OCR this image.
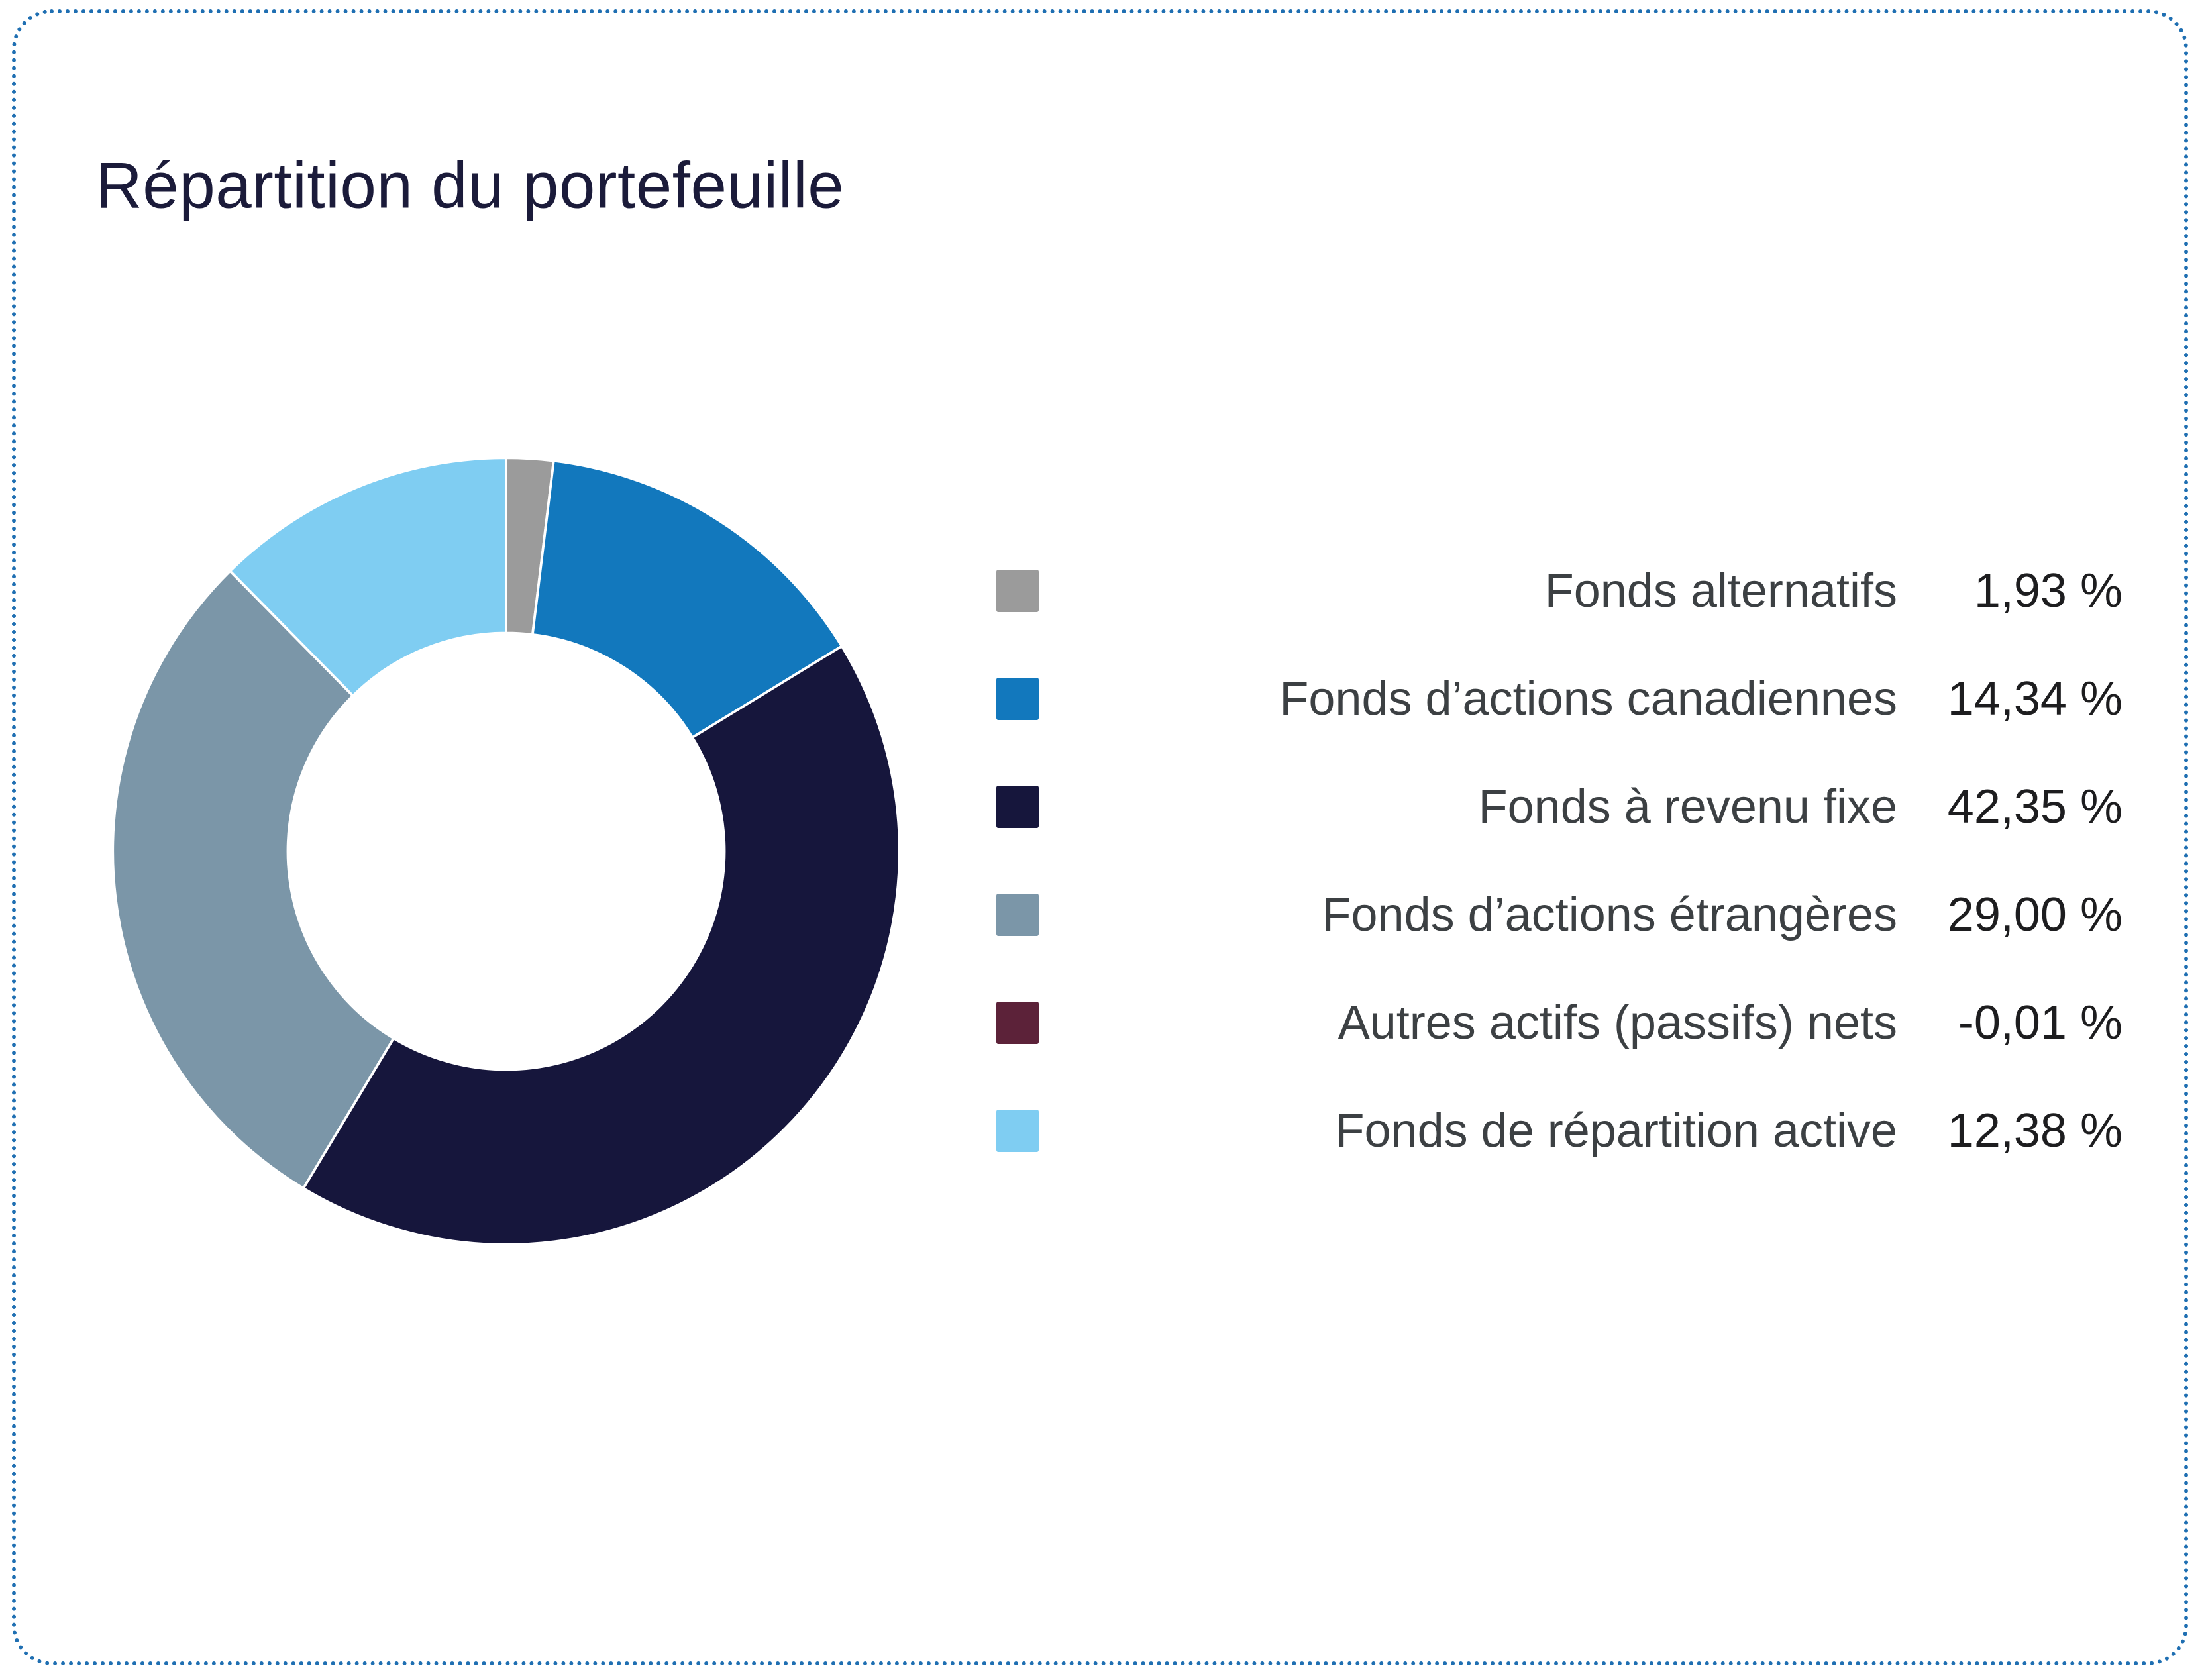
Répartition du portefeuille
Fonds alternatifs	1,93 %
Fonds d’actions canadiennes	14,34 %
Fonds à revenu fixe	42,35 %
Fonds d’actions étrangères	29,00 %
Autres actifs (passifs) nets	-0,01 %
Fonds de répartition active	12,38 %
